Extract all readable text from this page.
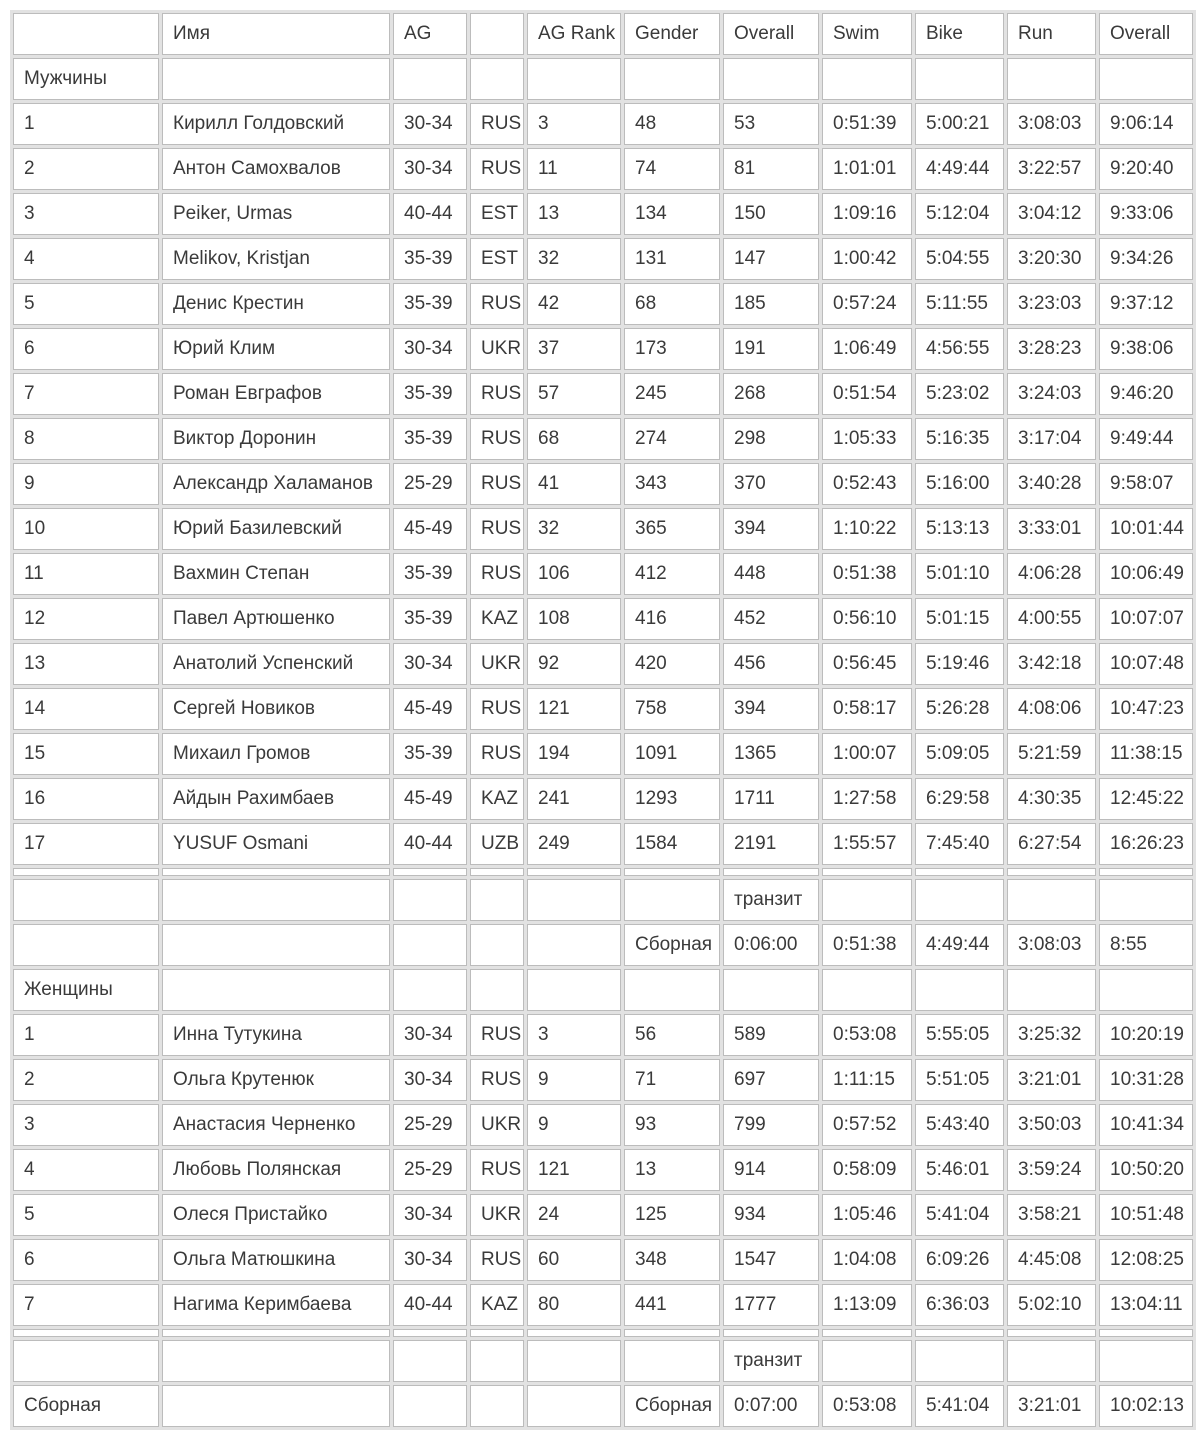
	Имя	AG		AG Rank	Gender	Overall	Swim	Bike	Run	Overall
Мужчины										
1	Кирилл Голдовский	30-34	RUS	3	48	53	0:51:39	5:00:21	3:08:03	9:06:14
2	Антон Самохвалов	30-34	RUS	11	74	81	1:01:01	4:49:44	3:22:57	9:20:40
3	Peiker, Urmas	40-44	EST	13	134	150	1:09:16	5:12:04	3:04:12	9:33:06
4	Melikov, Kristjan	35-39	EST	32	131	147	1:00:42	5:04:55	3:20:30	9:34:26
5	Денис Крестин	35-39	RUS	42	68	185	0:57:24	5:11:55	3:23:03	9:37:12
6	Юрий Клим	30-34	UKR	37	173	191	1:06:49	4:56:55	3:28:23	9:38:06
7	Роман Евграфов	35-39	RUS	57	245	268	0:51:54	5:23:02	3:24:03	9:46:20
8	Виктор Доронин	35-39	RUS	68	274	298	1:05:33	5:16:35	3:17:04	9:49:44
9	Александр Халаманов	25-29	RUS	41	343	370	0:52:43	5:16:00	3:40:28	9:58:07
10	Юрий Базилевский	45-49	RUS	32	365	394	1:10:22	5:13:13	3:33:01	10:01:44
11	Вахмин Степан	35-39	RUS	106	412	448	0:51:38	5:01:10	4:06:28	10:06:49
12	Павел Артюшенко	35-39	KAZ	108	416	452	0:56:10	5:01:15	4:00:55	10:07:07
13	Анатолий Успенский	30-34	UKR	92	420	456	0:56:45	5:19:46	3:42:18	10:07:48
14	Сергей Новиков	45-49	RUS	121	758	394	0:58:17	5:26:28	4:08:06	10:47:23
15	Михаил Громов	35-39	RUS	194	1091	1365	1:00:07	5:09:05	5:21:59	11:38:15
16	Айдын Рахимбаев	45-49	KAZ	241	1293	1711	1:27:58	6:29:58	4:30:35	12:45:22
17	YUSUF Osmani	40-44	UZB	249	1584	2191	1:55:57	7:45:40	6:27:54	16:26:23

						транзит				
					Сборная	0:06:00	0:51:38	4:49:44	3:08:03	8:55
Женщины										
1	Инна Тутукина	30-34	RUS	3	56	589	0:53:08	5:55:05	3:25:32	10:20:19
2	Ольга Крутенюк	30-34	RUS	9	71	697	1:11:15	5:51:05	3:21:01	10:31:28
3	Анастасия Черненко	25-29	UKR	9	93	799	0:57:52	5:43:40	3:50:03	10:41:34
4	Любовь Полянская	25-29	RUS	121	13	914	0:58:09	5:46:01	3:59:24	10:50:20
5	Олеся Пристайко	30-34	UKR	24	125	934	1:05:46	5:41:04	3:58:21	10:51:48
6	Ольга Матюшкина	30-34	RUS	60	348	1547	1:04:08	6:09:26	4:45:08	12:08:25
7	Нагима Керимбаева	40-44	KAZ	80	441	1777	1:13:09	6:36:03	5:02:10	13:04:11

						транзит				
Сборная					Сборная	0:07:00	0:53:08	5:41:04	3:21:01	10:02:13
